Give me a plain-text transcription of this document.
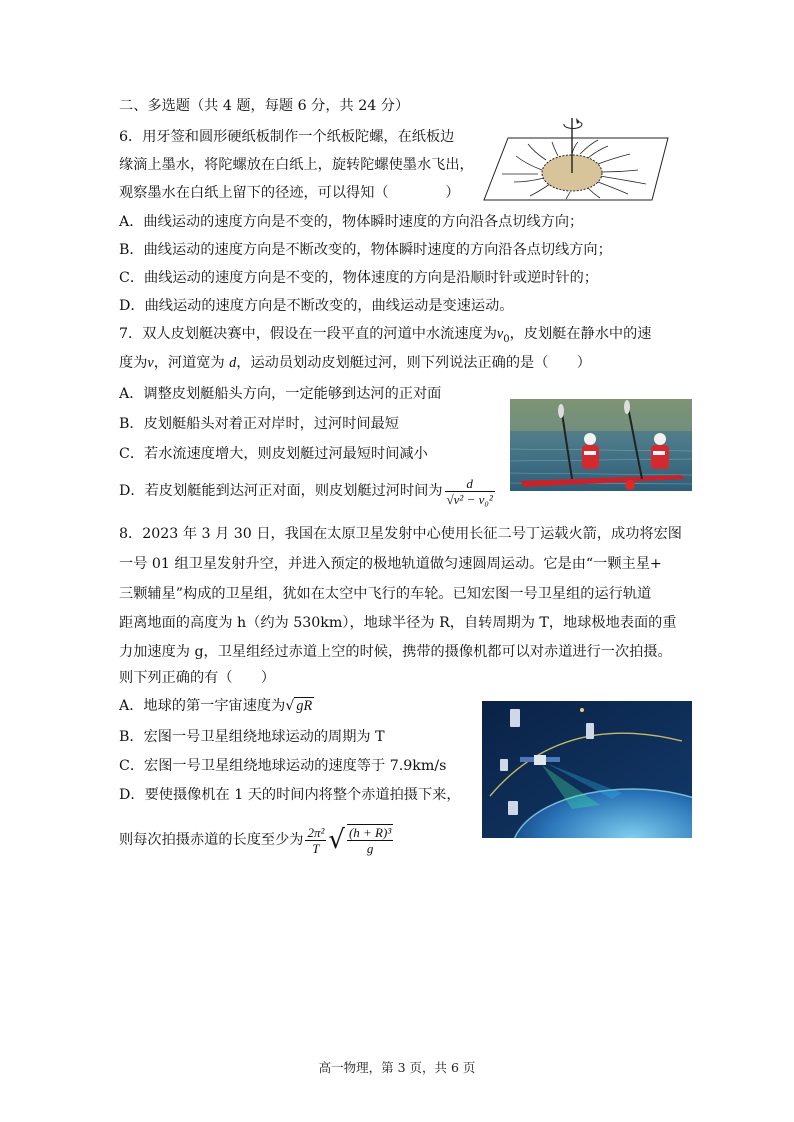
二、多选题（共 4 题，每题 6 分，共 24 分）
6．用牙签和圆形硬纸板制作一个纸板陀螺，在纸板边
缘滴上墨水，将陀螺放在白纸上，旋转陀螺使墨水飞出，
观察墨水在白纸上留下的径迹，可以得知（　　　　）
A．曲线运动的速度方向是不变的，物体瞬时速度的方向沿各点切线方向；
B．曲线运动的速度方向是不断改变的，物体瞬时速度的方向沿各点切线方向；
C．曲线运动的速度方向是不变的，物体速度的方向是沿顺时针或逆时针的；
D．曲线运动的速度方向是不断改变的，曲线运动是变速运动。
7．双人皮划艇决赛中，假设在一段平直的河道中水流速度为$v_0$，皮划艇在静水中的速
度为v，河道宽为 d，运动员划动皮划艇过河，则下列说法正确的是（　　）
A．调整皮划艇船头方向，一定能够到达河的正对面
B．皮划艇船头对着正对岸时，过河时间最短
C．若水流速度增大，则皮划艇过河最短时间减小
D．若皮划艇能到达河正对面，则皮划艇过河时间为 $\frac{d}{\text{√v² − v₀²}}$
8．2023 年 3 月 30 日，我国在太原卫星发射中心使用长征二号丁运载火箭，成功将宏图
一号 01 组卫星发射升空，并进入预定的极地轨道做匀速圆周运动。它是由“一颗主星+
三颗辅星”构成的卫星组，犹如在太空中飞行的车轮。已知宏图一号卫星组的运行轨道
距离地面的高度为 h（约为 530km），地球半径为 R，自转周期为 T，地球极地表面的重
力加速度为 g，卫星组经过赤道上空的时候，携带的摄像机都可以对赤道进行一次拍摄。
则下列正确的有（　　）
A．地球的第一宇宙速度为√ gR
B．宏图一号卫星组绕地球运动的周期为 T
C．宏图一号卫星组绕地球运动的速度等于 7.9km/s
D．要使摄像机在 1 天的时间内将整个赤道拍摄下来，
则每次拍摄赤道的长度至少为 $\frac{\text{2π²}}{T}$ √ $\frac{\text{(h + R)³}}{g}$
高一物理，第 3 页，共 6 页
